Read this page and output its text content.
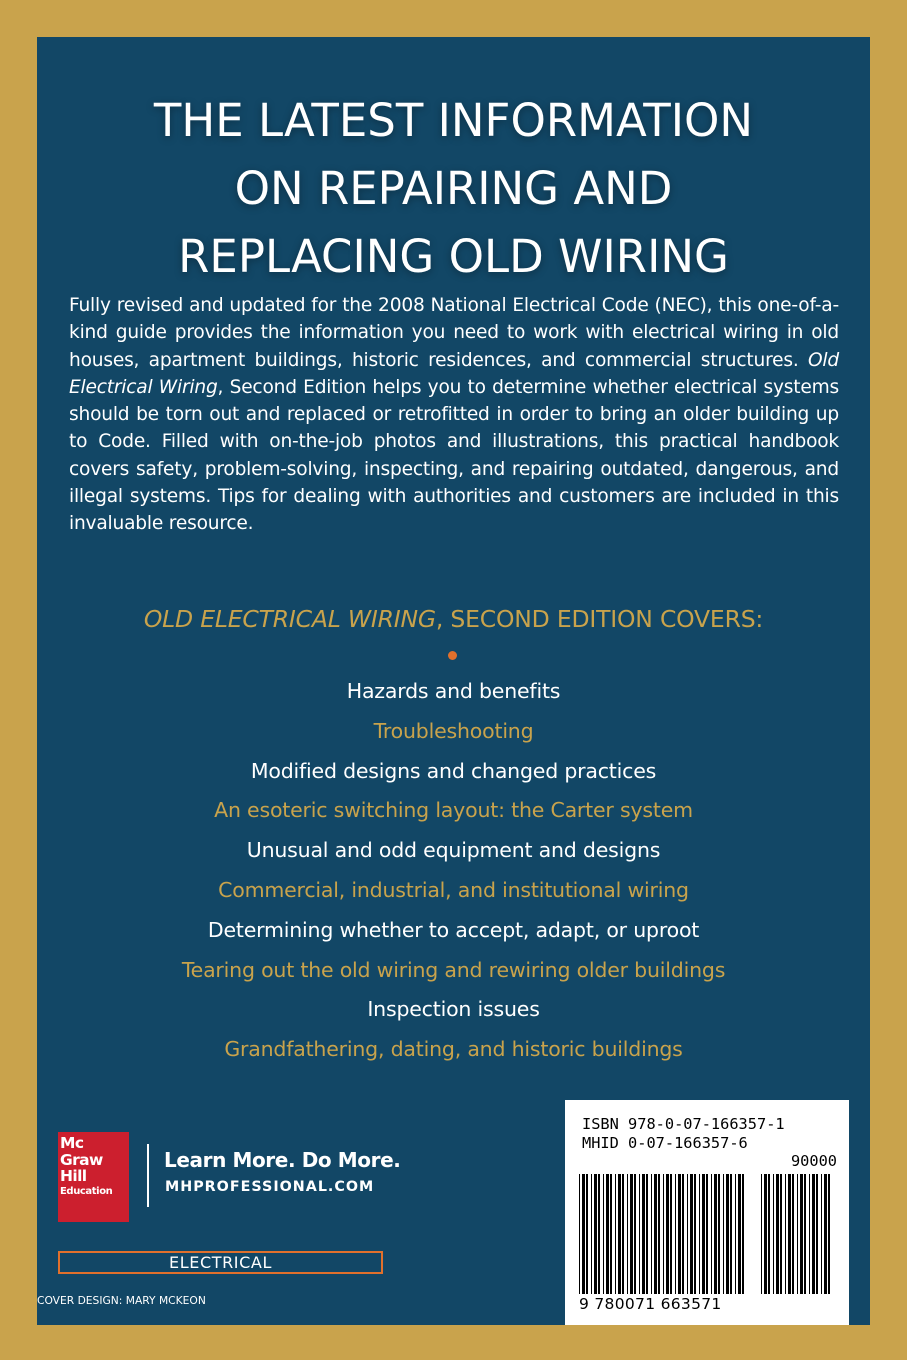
THE LATEST INFORMATION
ON REPAIRING AND
REPLACING OLD WIRING

Fully revised and updated for the 2008 National Electrical Code (NEC), this one-of-a-kind guide provides the information you need to work with electrical wiring in old houses, apartment buildings, historic residences, and commercial structures. Old Electrical Wiring, Second Edition helps you to determine whether electrical systems should be torn out and replaced or retrofitted in order to bring an older building up to Code. Filled with on-the-job photos and illustrations, this practical handbook covers safety, problem-solving, inspecting, and repairing outdated, dangerous, and illegal systems. Tips for dealing with authorities and customers are included in this invaluable resource.

OLD ELECTRICAL WIRING, SECOND EDITION COVERS:

Hazards and benefits
Troubleshooting
Modified designs and changed practices
An esoteric switching layout: the Carter system
Unusual and odd equipment and designs
Commercial, industrial, and institutional wiring
Determining whether to accept, adapt, or uproot
Tearing out the old wiring and rewiring older buildings
Inspection issues
Grandfathering, dating, and historic buildings
Mc
Graw
Hill
Education

Learn More. Do More.

MHPROFESSIONAL.COM

ELECTRICAL

COVER DESIGN: MARY MCKEON

ISBN 978-0-07-166357-1

MHID 0-07-166357-6

90000

9 780071 663571
